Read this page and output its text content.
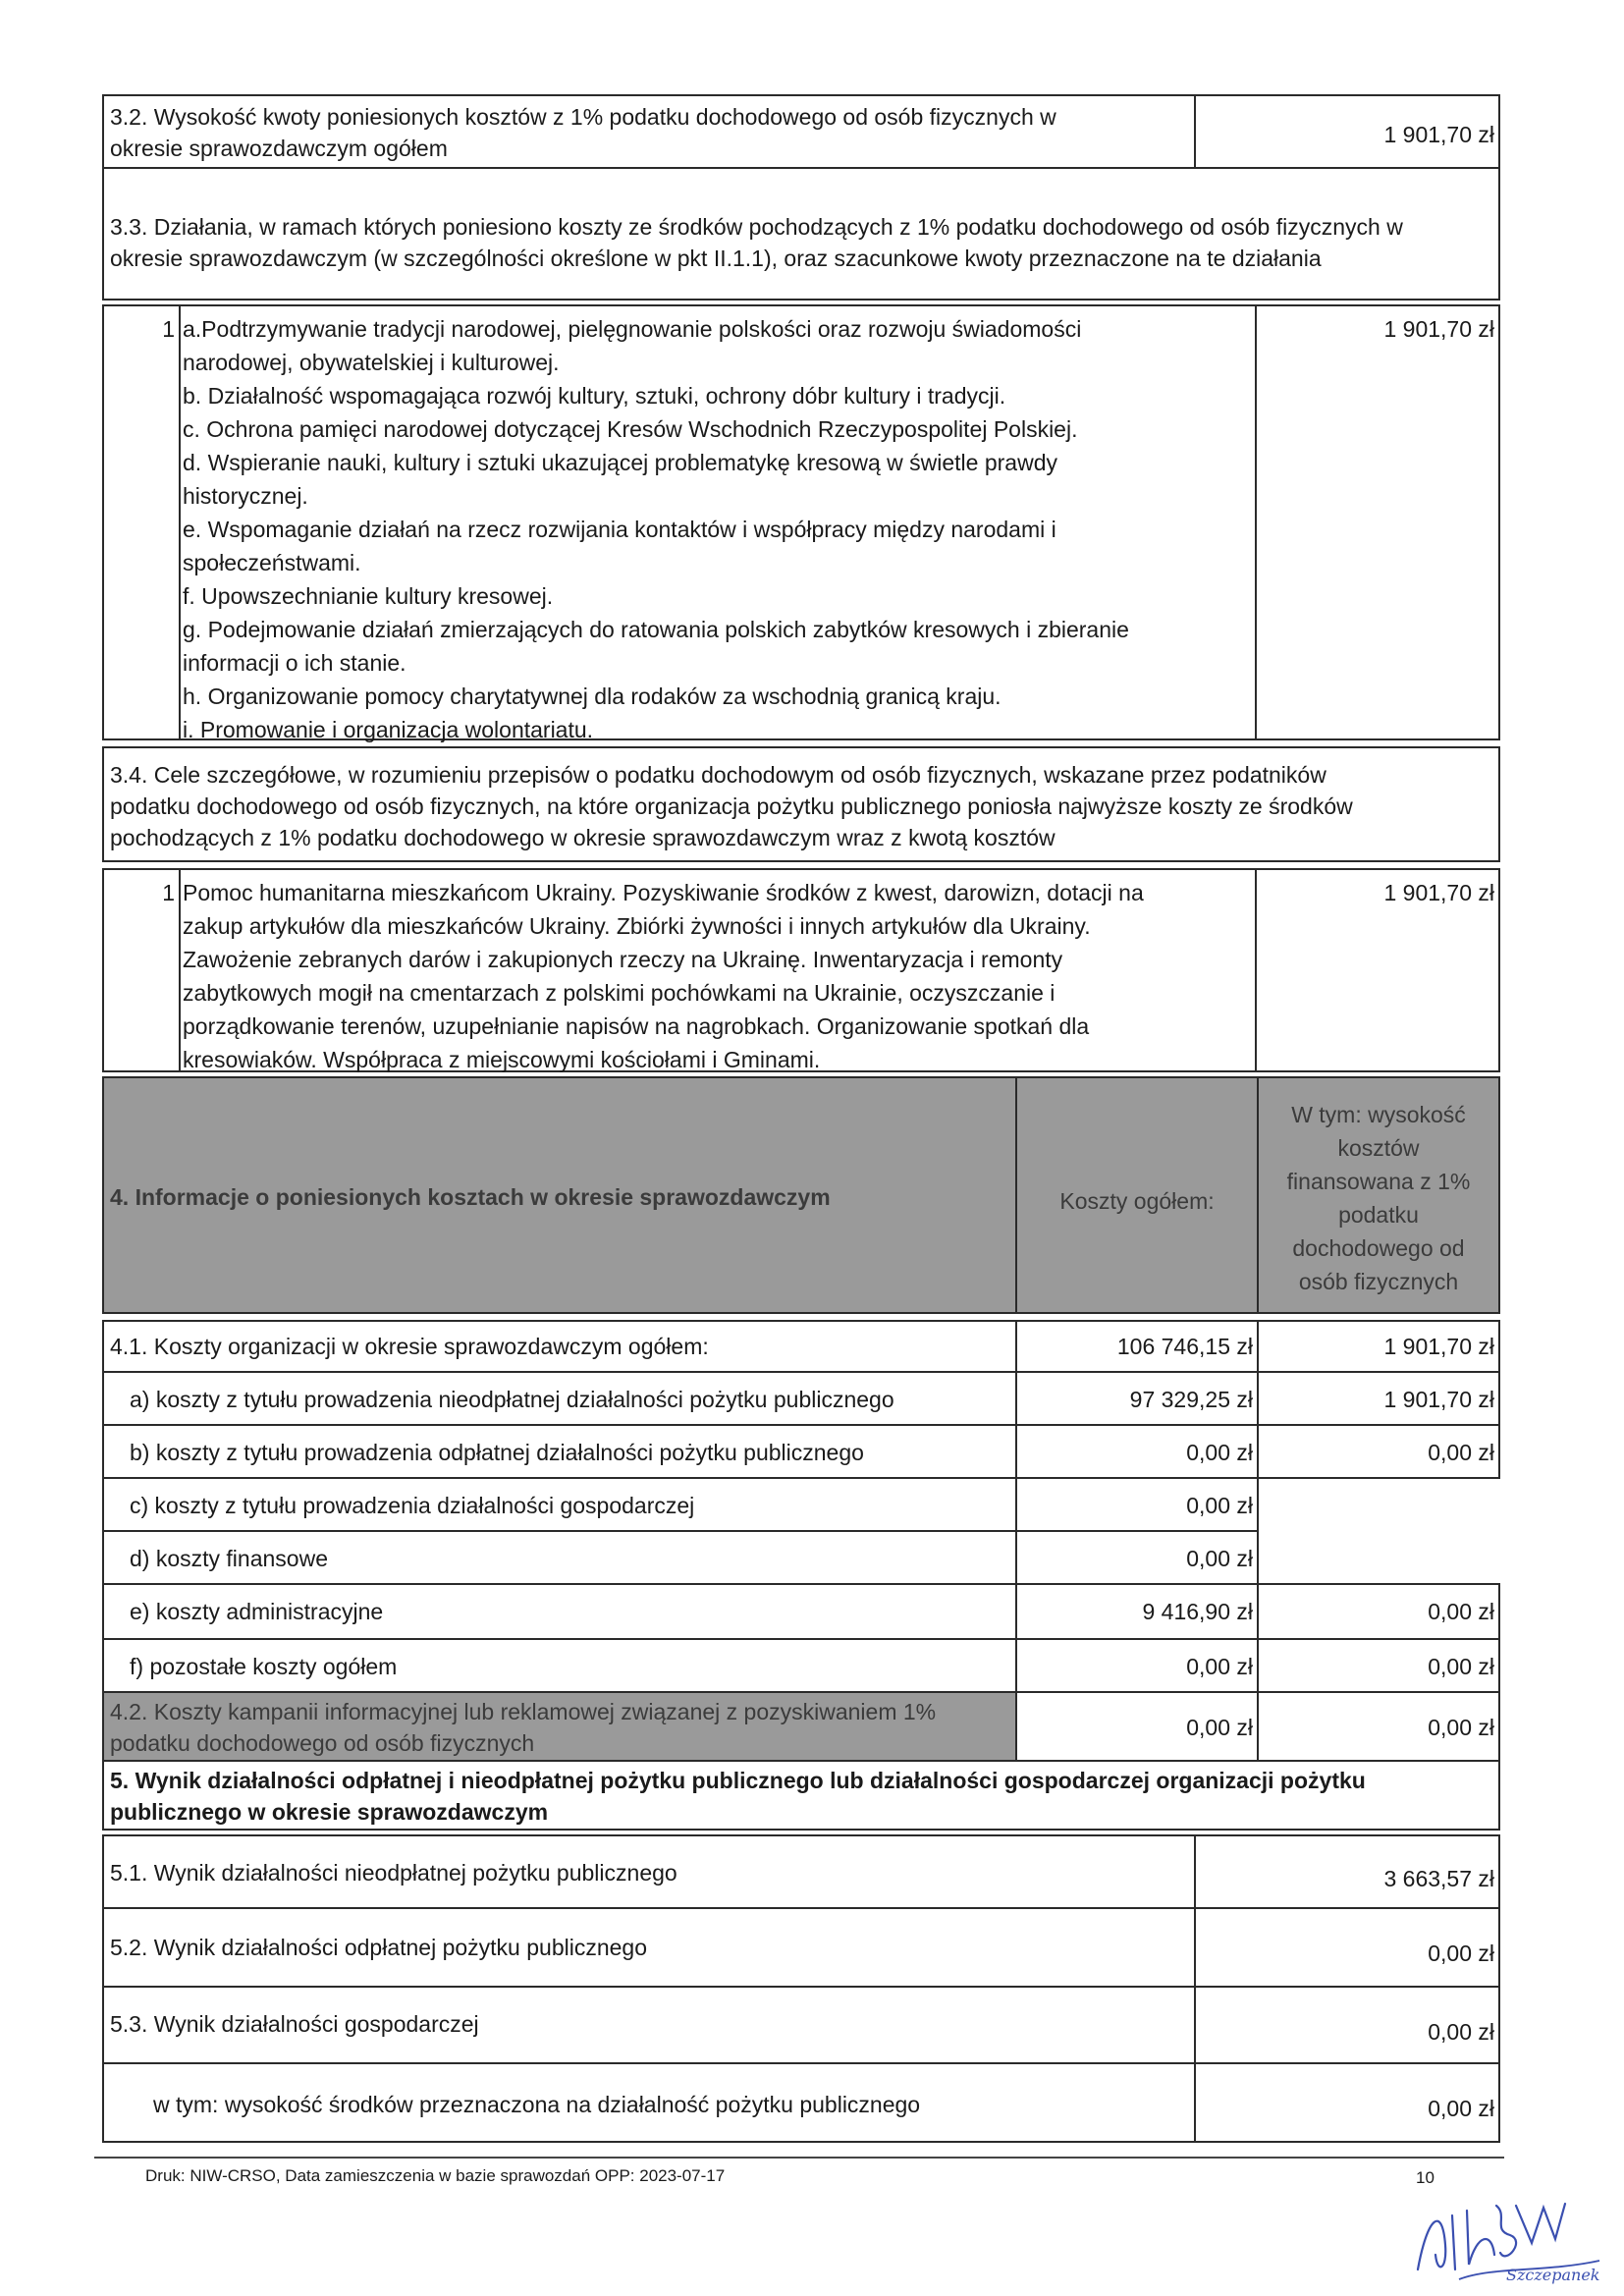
3.2. Wysokość kwoty poniesionych kosztów z 1% podatku dochodowego od osób fizycznych w
okresie sprawozdawczym ogółem
1 901,70 zł
3.3. Działania, w ramach których poniesiono koszty ze środków pochodzących z 1% podatku dochodowego od osób fizycznych w
okresie sprawozdawczym (w szczególności określone w pkt II.1.1), oraz szacunkowe kwoty przeznaczone na te działania
1 a.Podtrzymywanie tradycji narodowej, pielęgnowanie polskości oraz rozwoju świadomości
narodowej, obywatelskiej i kulturowej.
b. Działalność wspomagająca rozwój kultury, sztuki, ochrony dóbr kultury i tradycji.
c. Ochrona pamięci narodowej dotyczącej Kresów Wschodnich Rzeczypospolitej Polskiej.
d. Wspieranie nauki, kultury i sztuki ukazującej problematykę kresową w świetle prawdy
historycznej.
e. Wspomaganie działań na rzecz rozwijania kontaktów i współpracy między narodami i
społeczeństwami.
f. Upowszechnianie kultury kresowej.
g. Podejmowanie działań zmierzających do ratowania polskich zabytków kresowych i zbieranie
informacji o ich stanie.
h. Organizowanie pomocy charytatywnej dla rodaków za wschodnią granicą kraju.
i. Promowanie i organizacja wolontariatu.
1 901,70 zł
3.4. Cele szczegółowe, w rozumieniu przepisów o podatku dochodowym od osób fizycznych, wskazane przez podatników
podatku dochodowego od osób fizycznych, na które organizacja pożytku publicznego poniosła najwyższe koszty ze środków
pochodzących z 1% podatku dochodowego w okresie sprawozdawczym wraz z kwotą kosztów
1 Pomoc humanitarna mieszkańcom Ukrainy. Pozyskiwanie środków z kwest, darowizn, dotacji na
zakup artykułów dla mieszkańców Ukrainy. Zbiórki żywności i innych artykułów dla Ukrainy.
Zawożenie zebranych darów i zakupionych rzeczy na Ukrainę. Inwentaryzacja i remonty
zabytkowych mogił na cmentarzach z polskimi pochówkami na Ukrainie, oczyszczanie i
porządkowanie terenów, uzupełnianie napisów na nagrobkach. Organizowanie spotkań dla
kresowiaków. Współpraca z miejscowymi kościołami i Gminami.
1 901,70 zł
4. Informacje o poniesionych kosztach w okresie sprawozdawczym	Koszty ogółem:
W tym: wysokość
kosztów
finansowana z 1%
podatku
dochodowego od
osób fizycznych
4.1. Koszty organizacji w okresie sprawozdawczym ogółem:	106 746,15 zł	1 901,70 zł
a) koszty z tytułu prowadzenia nieodpłatnej działalności pożytku publicznego	97 329,25 zł	1 901,70 zł
b) koszty z tytułu prowadzenia odpłatnej działalności pożytku publicznego	0,00 zł	0,00 zł
c) koszty z tytułu prowadzenia działalności gospodarczej	0,00 zł
d) koszty finansowe	0,00 zł
e) koszty administracyjne	9 416,90 zł	0,00 zł
f) pozostałe koszty ogółem	0,00 zł	0,00 zł
4.2. Koszty kampanii informacyjnej lub reklamowej związanej z pozyskiwaniem 1%
podatku dochodowego od osób fizycznych
0,00 zł	0,00 zł
5. Wynik działalności odpłatnej i nieodpłatnej pożytku publicznego lub działalności gospodarczej organizacji pożytku
publicznego w okresie sprawozdawczym
5.1. Wynik działalności nieodpłatnej pożytku publicznego	3 663,57 zł
5.2. Wynik działalności odpłatnej pożytku publicznego	0,00 zł
5.3. Wynik działalności gospodarczej	0,00 zł
w tym: wysokość środków przeznaczona na działalność pożytku publicznego	0,00 zł
Druk: NIW-CRSO, Data zamieszczenia w bazie sprawozdań OPP: 2023-07-17	10
Szczepanek
